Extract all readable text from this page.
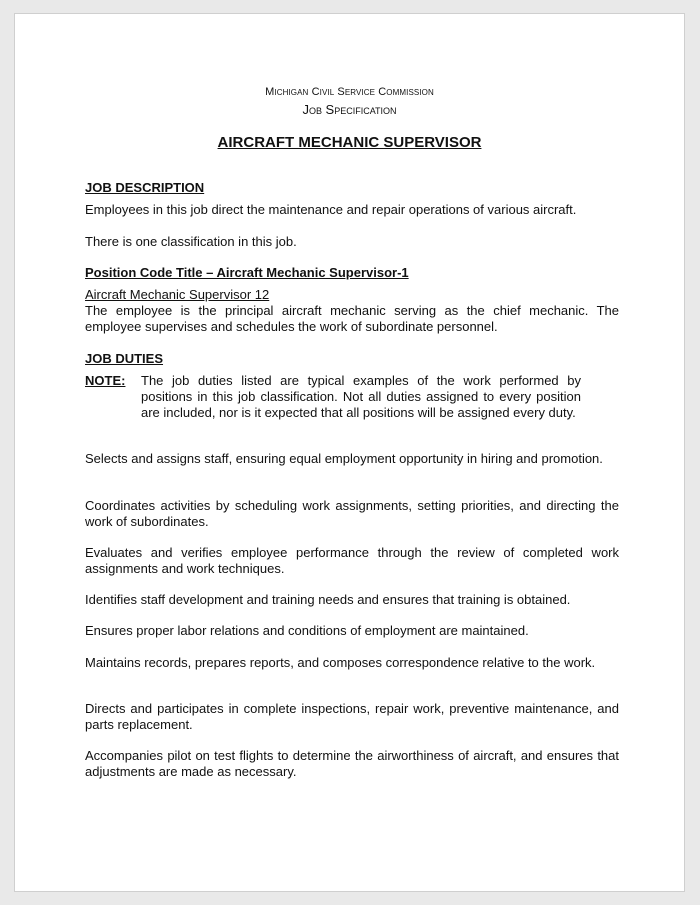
Michigan Civil Service Commission
Job Specification
AIRCRAFT MECHANIC SUPERVISOR
JOB DESCRIPTION
Employees in this job direct the maintenance and repair operations of various aircraft.
There is one classification in this job.
Position Code Title – Aircraft Mechanic Supervisor-1
Aircraft Mechanic Supervisor 12
The employee is the principal aircraft mechanic serving as the chief mechanic. The employee supervises and schedules the work of subordinate personnel.
JOB DUTIES
NOTE: The job duties listed are typical examples of the work performed by positions in this job classification. Not all duties assigned to every position are included, nor is it expected that all positions will be assigned every duty.
Selects and assigns staff, ensuring equal employment opportunity in hiring and promotion.
Coordinates activities by scheduling work assignments, setting priorities, and directing the work of subordinates.
Evaluates and verifies employee performance through the review of completed work assignments and work techniques.
Identifies staff development and training needs and ensures that training is obtained.
Ensures proper labor relations and conditions of employment are maintained.
Maintains records, prepares reports, and composes correspondence relative to the work.
Directs and participates in complete inspections, repair work, preventive maintenance, and parts replacement.
Accompanies pilot on test flights to determine the airworthiness of aircraft, and ensures that adjustments are made as necessary.
